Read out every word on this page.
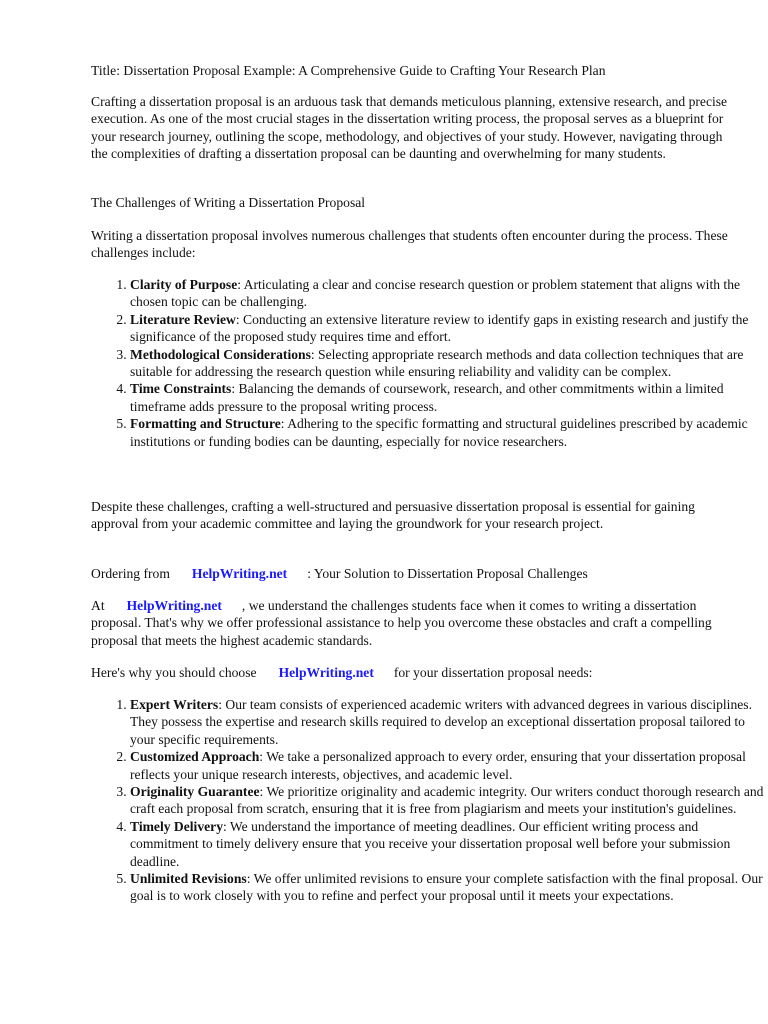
Title: Dissertation Proposal Example: A Comprehensive Guide to Crafting Your Research Plan

Crafting a dissertation proposal is an arduous task that demands meticulous planning, extensive research, and precise execution. As one of the most crucial stages in the dissertation writing process, the proposal serves as a blueprint for your research journey, outlining the scope, methodology, and objectives of your study. However, navigating through the complexities of drafting a dissertation proposal can be daunting and overwhelming for many students.

The Challenges of Writing a Dissertation Proposal

Writing a dissertation proposal involves numerous challenges that students often encounter during the process. These challenges include:

1. Clarity of Purpose: Articulating a clear and concise research question or problem statement that aligns with the chosen topic can be challenging.
2. Literature Review: Conducting an extensive literature review to identify gaps in existing research and justify the significance of the proposed study requires time and effort.
3. Methodological Considerations: Selecting appropriate research methods and data collection techniques that are suitable for addressing the research question while ensuring reliability and validity can be complex.
4. Time Constraints: Balancing the demands of coursework, research, and other commitments within a limited timeframe adds pressure to the proposal writing process.
5. Formatting and Structure: Adhering to the specific formatting and structural guidelines prescribed by academic institutions or funding bodies can be daunting, especially for novice researchers.

Despite these challenges, crafting a well-structured and persuasive dissertation proposal is essential for gaining approval from your academic committee and laying the groundwork for your research project.

Ordering from HelpWriting.net : Your Solution to Dissertation Proposal Challenges

At HelpWriting.net , we understand the challenges students face when it comes to writing a dissertation proposal. That's why we offer professional assistance to help you overcome these obstacles and craft a compelling proposal that meets the highest academic standards.

Here's why you should choose HelpWriting.net for your dissertation proposal needs:

1. Expert Writers: Our team consists of experienced academic writers with advanced degrees in various disciplines. They possess the expertise and research skills required to develop an exceptional dissertation proposal tailored to your specific requirements.
2. Customized Approach: We take a personalized approach to every order, ensuring that your dissertation proposal reflects your unique research interests, objectives, and academic level.
3. Originality Guarantee: We prioritize originality and academic integrity. Our writers conduct thorough research and craft each proposal from scratch, ensuring that it is free from plagiarism and meets your institution's guidelines.
4. Timely Delivery: We understand the importance of meeting deadlines. Our efficient writing process and commitment to timely delivery ensure that you receive your dissertation proposal well before your submission deadline.
5. Unlimited Revisions: We offer unlimited revisions to ensure your complete satisfaction with the final proposal. Our goal is to work closely with you to refine and perfect your proposal until it meets your expectations.
